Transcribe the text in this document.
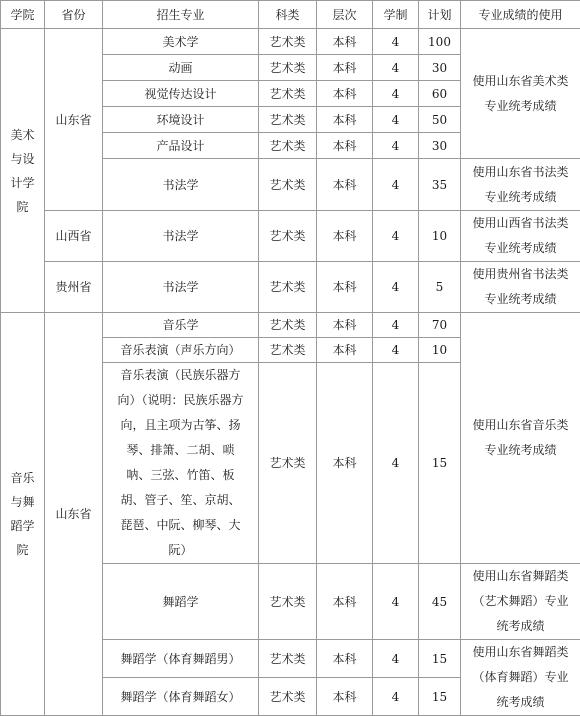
学院	省份	招生专业	科类	层次	学制	计划	专业成绩的使用
美术与设计学院	山东省	美术学	艺术类	本科	4	100	使用山东省美术类专业统考成绩
		动画	艺术类	本科	4	30	
		视觉传达设计	艺术类	本科	4	60	
		环境设计	艺术类	本科	4	50	
		产品设计	艺术类	本科	4	30	
		书法学	艺术类	本科	4	35	使用山东省书法类专业统考成绩
	山西省	书法学	艺术类	本科	4	10	使用山西省书法类专业统考成绩
	贵州省	书法学	艺术类	本科	4	5	使用贵州省书法类专业统考成绩
音乐与舞蹈学院	山东省	音乐学	艺术类	本科	4	70	使用山东省音乐类专业统考成绩
		音乐表演（声乐方向）	艺术类	本科	4	10	
		音乐表演（民族乐器方向）（说明：民族乐器方向，且主项为古筝、扬琴、排箫、二胡、唢呐、三弦、竹笛、板胡、管子、笙、京胡、琵琶、中阮、柳琴、大阮）	艺术类	本科	4	15	
		舞蹈学	艺术类	本科	4	45	使用山东省舞蹈类（艺术舞蹈）专业统考成绩
		舞蹈学（体育舞蹈男）	艺术类	本科	4	15	使用山东省舞蹈类（体育舞蹈）专业统考成绩
		舞蹈学（体育舞蹈女）	艺术类	本科	4	15	
